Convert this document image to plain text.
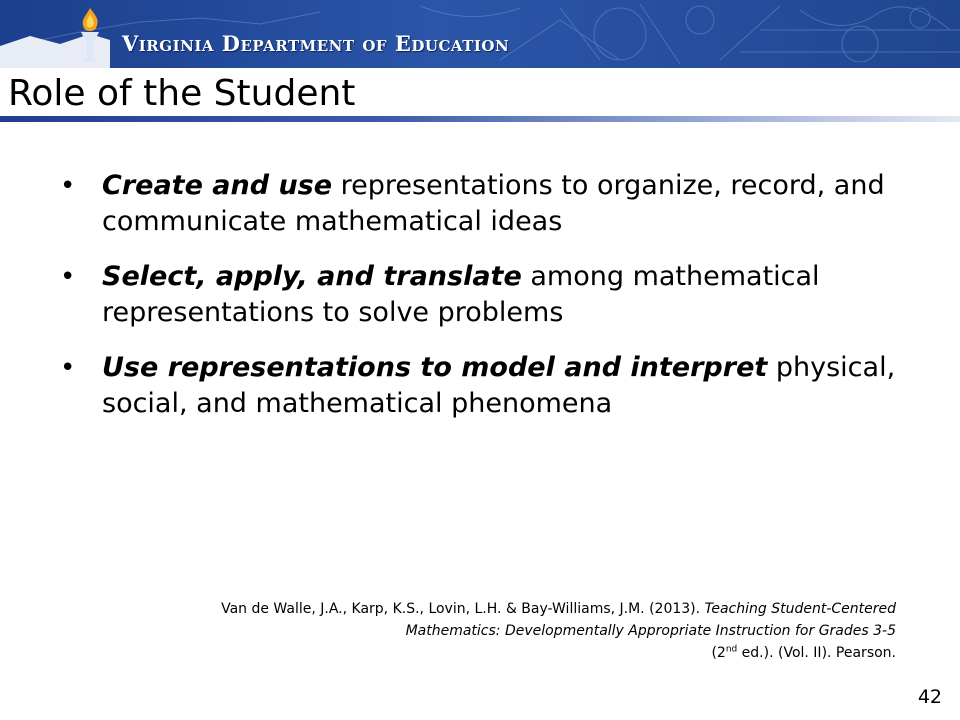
Virginia Department of Education
Role of the Student
• Create and use representations to organize, record, and communicate mathematical ideas
• Select, apply, and translate among mathematical representations to solve problems
• Use representations to model and interpret physical, social, and mathematical phenomena
Van de Walle, J.A., Karp, K.S., Lovin, L.H. & Bay-Williams, J.M. (2013). Teaching Student-Centered Mathematics: Developmentally Appropriate Instruction for Grades 3-5
(2nd ed.). (Vol. II). Pearson.
42
